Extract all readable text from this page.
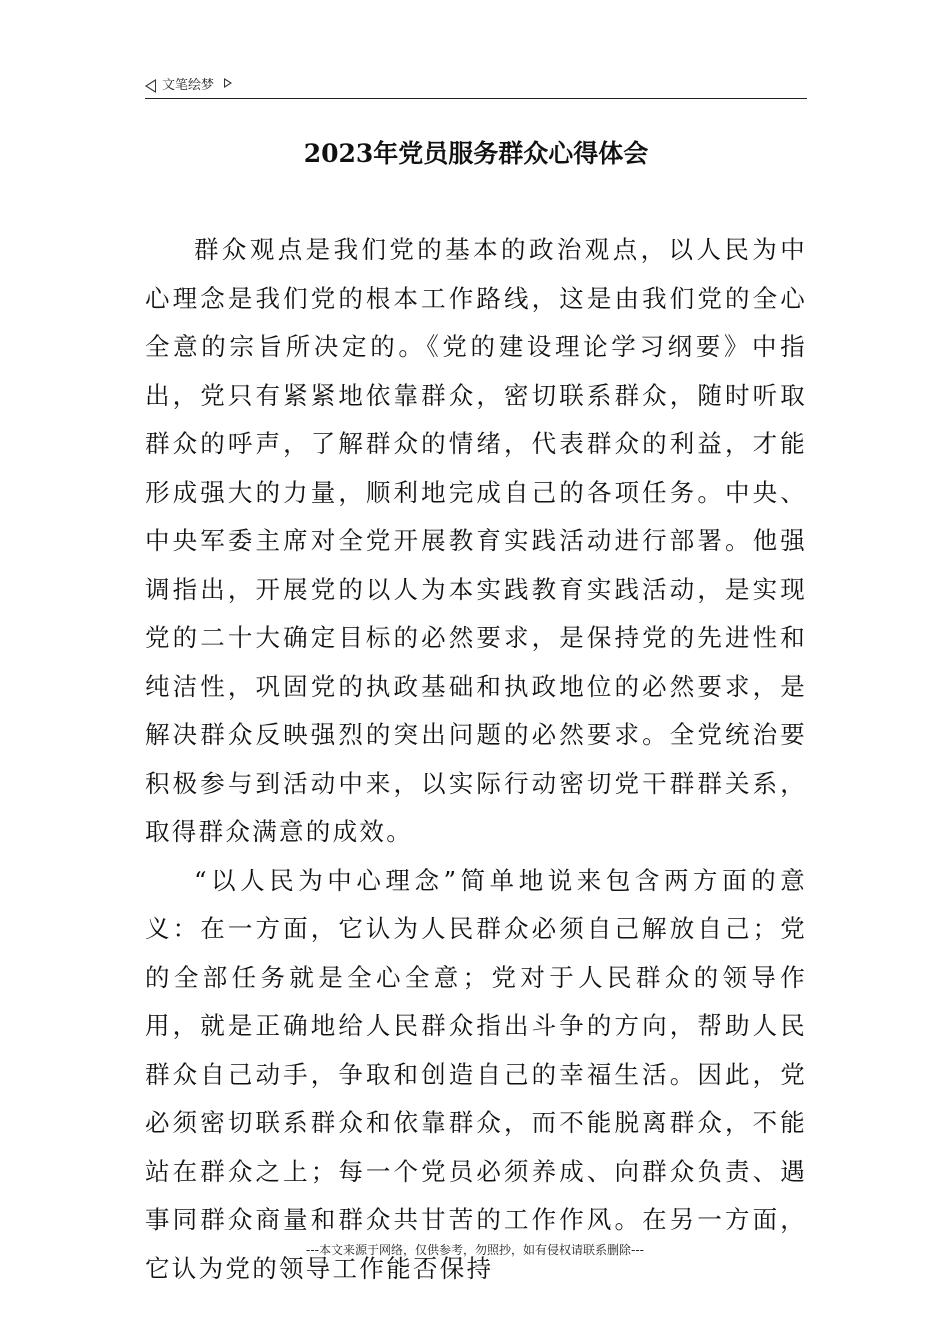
文笔绘梦
2023年党员服务群众心得体会

群众观点是我们党的基本的政治观点，以人民为中心理念是我们党的根本工作路线，这是由我们党的全心全意的宗旨所决定的。《党的建设理论学习纲要》中指出，党只有紧紧地依靠群众，密切联系群众，随时听取群众的呼声，了解群众的情绪，代表群众的利益，才能形成强大的力量，顺利地完成自己的各项任务。中央、中央军委主席对全党开展教育实践活动进行部署。他强调指出，开展党的以人为本实践教育实践活动，是实现党的二十大确定目标的必然要求，是保持党的先进性和纯洁性，巩固党的执政基础和执政地位的必然要求，是解决群众反映强烈的突出问题的必然要求。全党统治要积极参与到活动中来，以实际行动密切党干群群关系，取得群众满意的成效。

“以人民为中心理念”简单地说来包含两方面的意义：在一方面，它认为人民群众必须自己解放自己；党的全部任务就是全心全意；党对于人民群众的领导作用，就是正确地给人民群众指出斗争的方向，帮助人民群众自己动手，争取和创造自己的幸福生活。因此，党必须密切联系群众和依靠群众，而不能脱离群众，不能站在群众之上；每一个党员必须养成、向群众负责、遇事同群众商量和群众共甘苦的工作作风。在另一方面，它认为党的领导工作能否保持

---本文来源于网络，仅供参考，勿照抄，如有侵权请联系删除---
